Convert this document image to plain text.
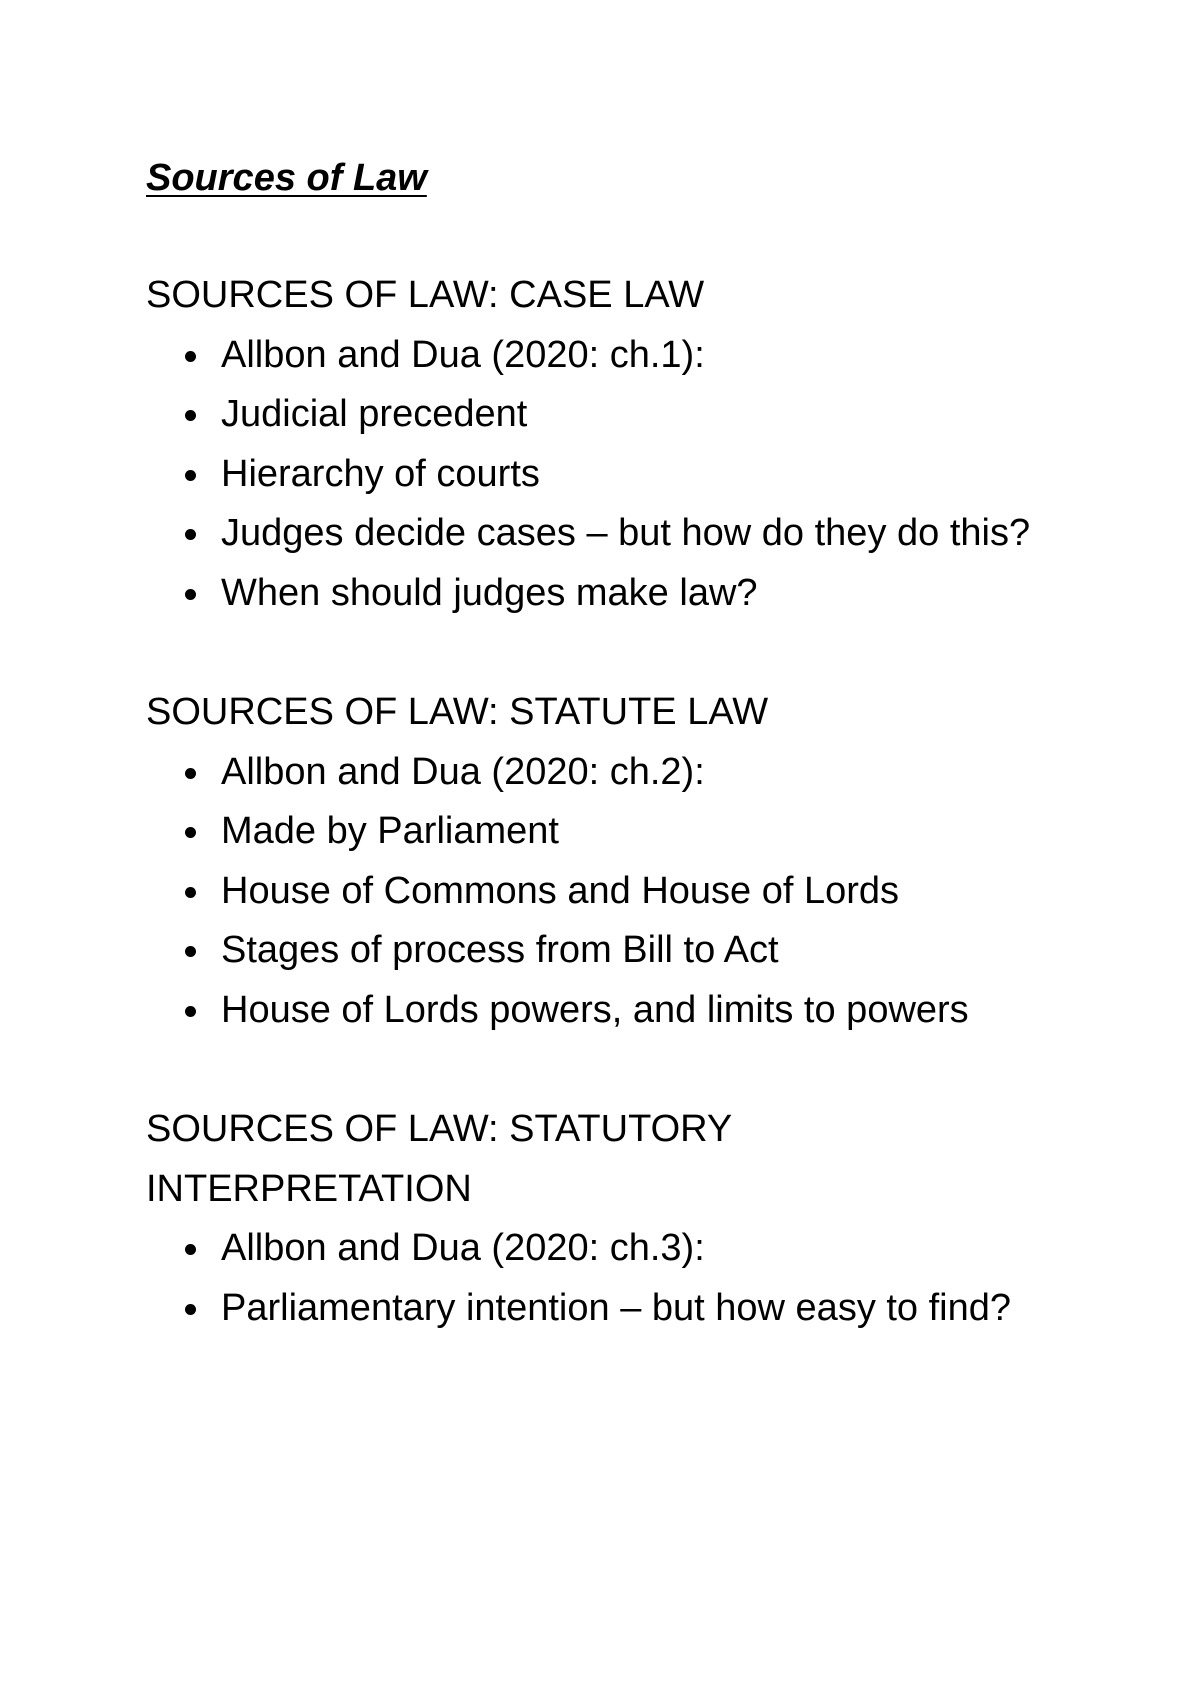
Sources of Law
SOURCES OF LAW: CASE LAW
Allbon and Dua (2020: ch.1):
Judicial precedent
Hierarchy of courts
Judges decide cases – but how do they do this?
When should judges make law?
SOURCES OF LAW: STATUTE LAW
Allbon and Dua (2020: ch.2):
Made by Parliament
House of Commons and House of Lords
Stages of process from Bill to Act
House of Lords powers, and limits to powers
SOURCES OF LAW: STATUTORY INTERPRETATION
Allbon and Dua (2020: ch.3):
Parliamentary intention – but how easy to find?
